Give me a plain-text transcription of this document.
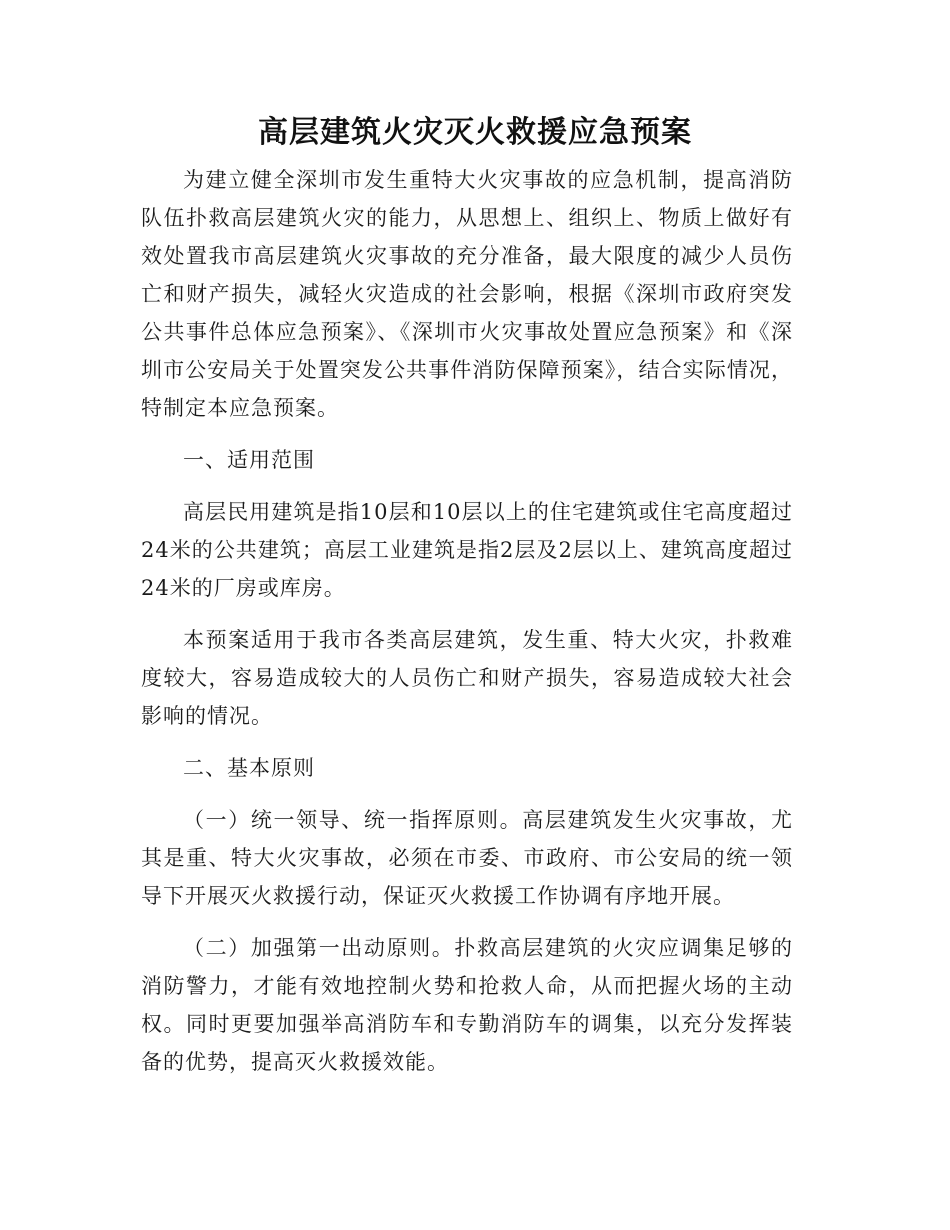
高层建筑火灾灭火救援应急预案

为建立健全深圳市发生重特大火灾事故的应急机制，提高消防队伍扑救高层建筑火灾的能力，从思想上、组织上、物质上做好有效处置我市高层建筑火灾事故的充分准备，最大限度的减少人员伤亡和财产损失，减轻火灾造成的社会影响，根据《深圳市政府突发公共事件总体应急预案》、《深圳市火灾事故处置应急预案》和《深圳市公安局关于处置突发公共事件消防保障预案》，结合实际情况，特制定本应急预案。

一、适用范围

高层民用建筑是指10层和10层以上的住宅建筑或住宅高度超过24米的公共建筑；高层工业建筑是指2层及2层以上、建筑高度超过24米的厂房或库房。

本预案适用于我市各类高层建筑，发生重、特大火灾，扑救难度较大，容易造成较大的人员伤亡和财产损失，容易造成较大社会影响的情况。

二、基本原则

（一）统一领导、统一指挥原则。高层建筑发生火灾事故，尤其是重、特大火灾事故，必须在市委、市政府、市公安局的统一领导下开展灭火救援行动，保证灭火救援工作协调有序地开展。

（二）加强第一出动原则。扑救高层建筑的火灾应调集足够的消防警力，才能有效地控制火势和抢救人命，从而把握火场的主动权。同时更要加强举高消防车和专勤消防车的调集，以充分发挥装备的优势，提高灭火救援效能。
